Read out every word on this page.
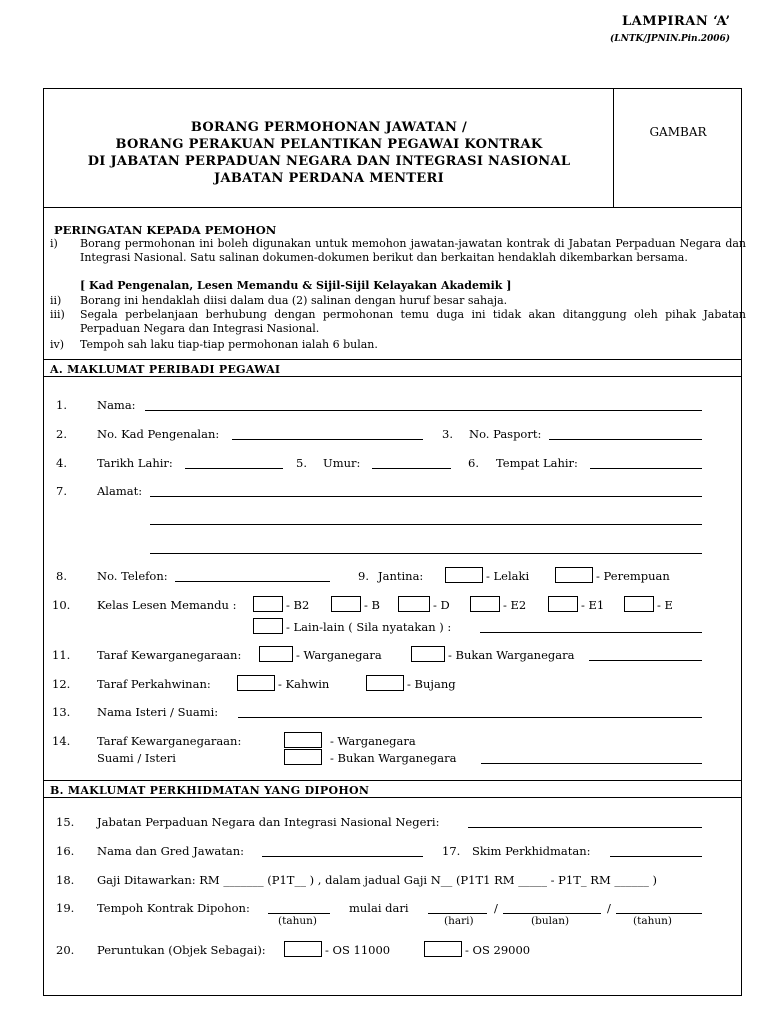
LAMPIRAN ‘A’
(LNTK/JPNIN.Pin.2006)
BORANG PERMOHONAN JAWATAN /
BORANG PERAKUAN PELANTIKAN PEGAWAI KONTRAK
DI JABATAN PERPADUAN NEGARA DAN INTEGRASI NASIONAL
JABATAN PERDANA MENTERI
GAMBAR
PERINGATAN KEPADA PEMOHON
i) Borang permohonan ini boleh digunakan untuk memohon jawatan-jawatan kontrak di Jabatan Perpaduan Negara dan Integrasi Nasional. Satu salinan dokumen-dokumen berikut dan berkaitan hendaklah dikembarkan bersama.
[ Kad Pengenalan, Lesen Memandu & Sijil-Sijil Kelayakan Akademik ]
ii) Borang ini hendaklah diisi dalam dua (2) salinan dengan huruf besar sahaja.
iii) Segala perbelanjaan berhubung dengan permohonan temu duga ini tidak akan ditanggung oleh pihak Jabatan Perpaduan Negara dan Integrasi Nasional.
iv) Tempoh sah laku tiap-tiap permohonan ialah 6 bulan.
A. MAKLUMAT PERIBADI PEGAWAI
B. MAKLUMAT PERKHIDMATAN YANG DIPOHON
1.	Nama:
2.	No. Kad Pengenalan:	3. No. Pasport:
4.	Tarikh Lahir:	5. Umur:	6. Tempat Lahir:
7.	Alamat:
8.	No. Telefon:	9. Jantina:	- Lelaki	- Perempuan
10. Kelas Lesen Memandu :	- B2	- B	- D	- E2	- E1	- E
- Lain-lain ( Sila nyatakan ) :
11. Taraf Kewarganegaraan:	- Warganegara	- Bukan Warganegara
12. Taraf Perkahwinan:	- Kahwin	- Bujang
13. Nama Isteri / Suami:
14. Taraf Kewarganegaraan:
Suami / Isteri
- Warganegara
- Bukan Warganegara
15. Jabatan Perpaduan Negara dan Integrasi Nasional Negeri:
16. Nama dan Gred Jawatan:	17. Skim Perkhidmatan:
18. Gaji Ditawarkan: RM _______ (P1T__ ) , dalam jadual Gaji N__ (P1T1 RM _____ - P1T_ RM ______ )
19. Tempoh Kontrak Dipohon:
(tahun)
mulai dari
(hari)
/
(bulan)
/
(tahun)
20. Peruntukan (Objek Sebagai):	- OS 11000	- OS 29000
